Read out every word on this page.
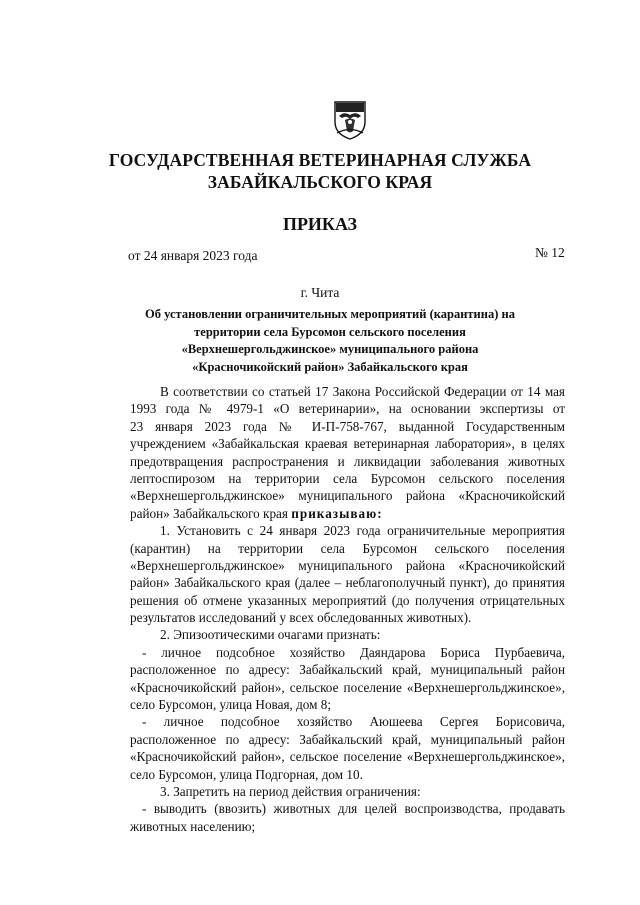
ГОСУДАРСТВЕННАЯ ВЕТЕРИНАРНАЯ СЛУЖБА
ЗАБАЙКАЛЬСКОГО КРАЯ
ПРИКАЗ
от 24 января 2023 года	№ 12
г. Чита
Об установлении ограничительных мероприятий (карантина) на
территории села Бурсомон сельского поселения
«Верхнешергольджинское» муниципального района
«Красночикойский район» Забайкальского края
В соответствии со статьей 17 Закона Российской Федерации от 14 мая
1993 года № 4979-1 «О ветеринарии», на основании экспертизы от
23 января 2023 года № И-П-758-767, выданной Государственным
учреждением «Забайкальская краевая ветеринарная лаборатория», в целях
предотвращения распространения и ликвидации заболевания животных
лептоспирозом на территории села Бурсомон сельского поселения
«Верхнешергольджинское» муниципального района «Красночикойский
район» Забайкальского края приказываю:
1. Установить с 24 января 2023 года ограничительные мероприятия
(карантин) на территории села Бурсомон сельского поселения
«Верхнешергольджинское» муниципального района «Красночикойский
район» Забайкальского края (далее – неблагополучный пункт), до принятия
решения об отмене указанных мероприятий (до получения отрицательных
результатов исследований у всех обследованных животных).
2. Эпизоотическими очагами признать:
- личное подсобное хозяйство Даяндарова Бориса Пурбаевича,
расположенное по адресу: Забайкальский край, муниципальный район
«Красночикойский район», сельское поселение «Верхнешергольджинское»,
село Бурсомон, улица Новая, дом 8;
- личное подсобное хозяйство Аюшеева Сергея Борисовича,
расположенное по адресу: Забайкальский край, муниципальный район
«Красночикойский район», сельское поселение «Верхнешергольджинское»,
село Бурсомон, улица Подгорная, дом 10.
3. Запретить на период действия ограничения:
- выводить (ввозить) животных для целей воспроизводства, продавать
животных населению;
